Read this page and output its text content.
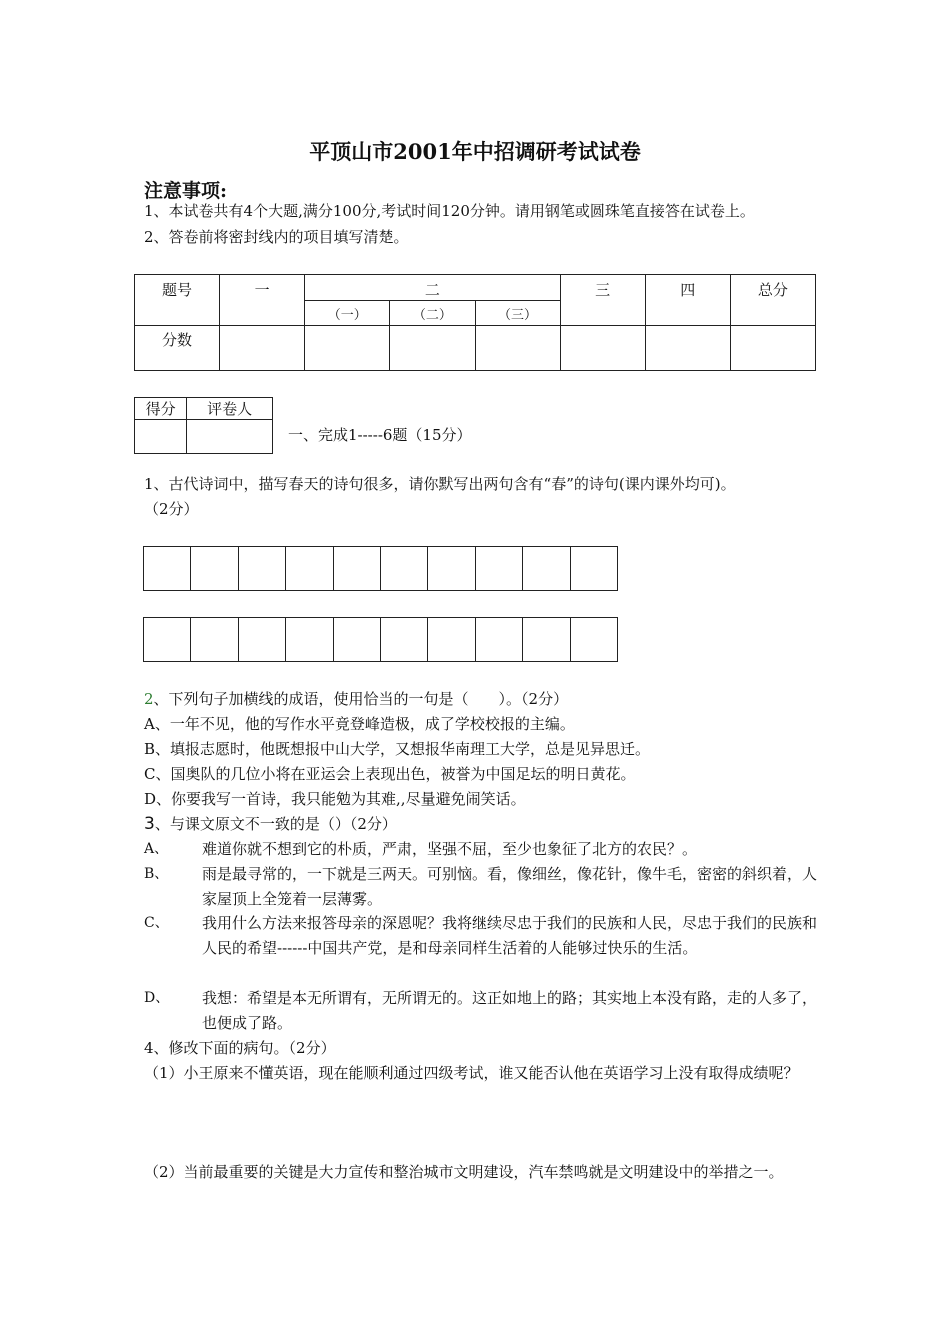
平顶山市2001年中招调研考试试卷
注意事项:
1、本试卷共有4个大题,满分100分,考试时间120分钟。请用钢笔或圆珠笔直接答在试卷上。
2、答卷前将密封线内的项目填写清楚。
题号	一	二			三	四	总分
		（一）	（二）	（三）			
分数							
得分	评卷人

一、完成1-----6题（15分）
1、古代诗词中，描写春天的诗句很多，请你默写出两句含有“春”的诗句(课内课外均可)。
（2分）
2、下列句子加横线的成语，使用恰当的一句是（　　）。（2分）
A、一年不见，他的写作水平竟登峰造极，成了学校校报的主编。
B、填报志愿时，他既想报中山大学，又想报华南理工大学，总是见异思迁。
C、国奥队的几位小将在亚运会上表现出色，被誉为中国足坛的明日黄花。
D、你要我写一首诗，我只能勉为其难,,尽量避免闹笑话。
3、与课文原文不一致的是（）（2分）
A、 难道你就不想到它的朴质，严肃，坚强不屈，至少也象征了北方的农民？。
B、 雨是最寻常的，一下就是三两天。可别恼。看，像细丝，像花针，像牛毛，密密的斜织着，人家屋顶上全笼着一层薄雾。
C、 我用什么方法来报答母亲的深恩呢？我将继续尽忠于我们的民族和人民，尽忠于我们的民族和人民的希望------中国共产党，是和母亲同样生活着的人能够过快乐的生活。
D、 我想：希望是本无所谓有，无所谓无的。这正如地上的路；其实地上本没有路，走的人多了，也便成了路。
4、修改下面的病句。（2分）
（1）小王原来不懂英语，现在能顺利通过四级考试，谁又能否认他在英语学习上没有取得成绩呢？
（2）当前最重要的关键是大力宣传和整治城市文明建设，汽车禁鸣就是文明建设中的举措之一。
